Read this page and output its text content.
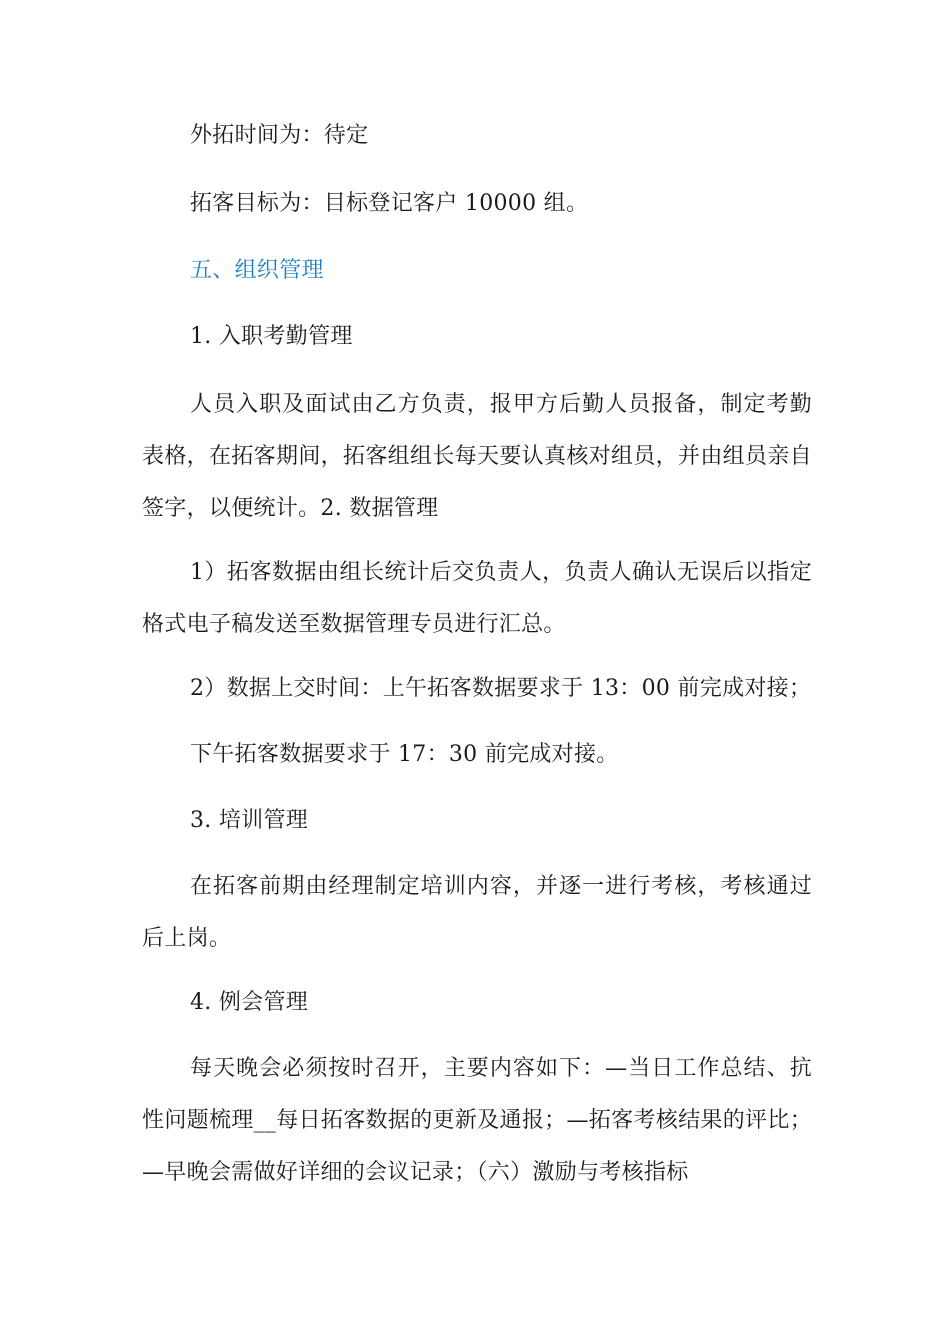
外拓时间为：待定

拓客目标为：目标登记客户 10000 组。

五、组织管理

1. 入职考勤管理

人员入职及面试由乙方负责，报甲方后勤人员报备，制定考勤表格，在拓客期间，拓客组组长每天要认真核对组员，并由组员亲自签字，以便统计。2. 数据管理

1）拓客数据由组长统计后交负责人，负责人确认无误后以指定格式电子稿发送至数据管理专员进行汇总。

2）数据上交时间：上午拓客数据要求于 13：00 前完成对接；

下午拓客数据要求于 17：30 前完成对接。

3. 培训管理

在拓客前期由经理制定培训内容，并逐一进行考核，考核通过后上岗。

4. 例会管理

每天晚会必须按时召开，主要内容如下：—当日工作总结、抗性问题梳理__每日拓客数据的更新及通报；—拓客考核结果的评比；—早晚会需做好详细的会议记录；（六）激励与考核指标
